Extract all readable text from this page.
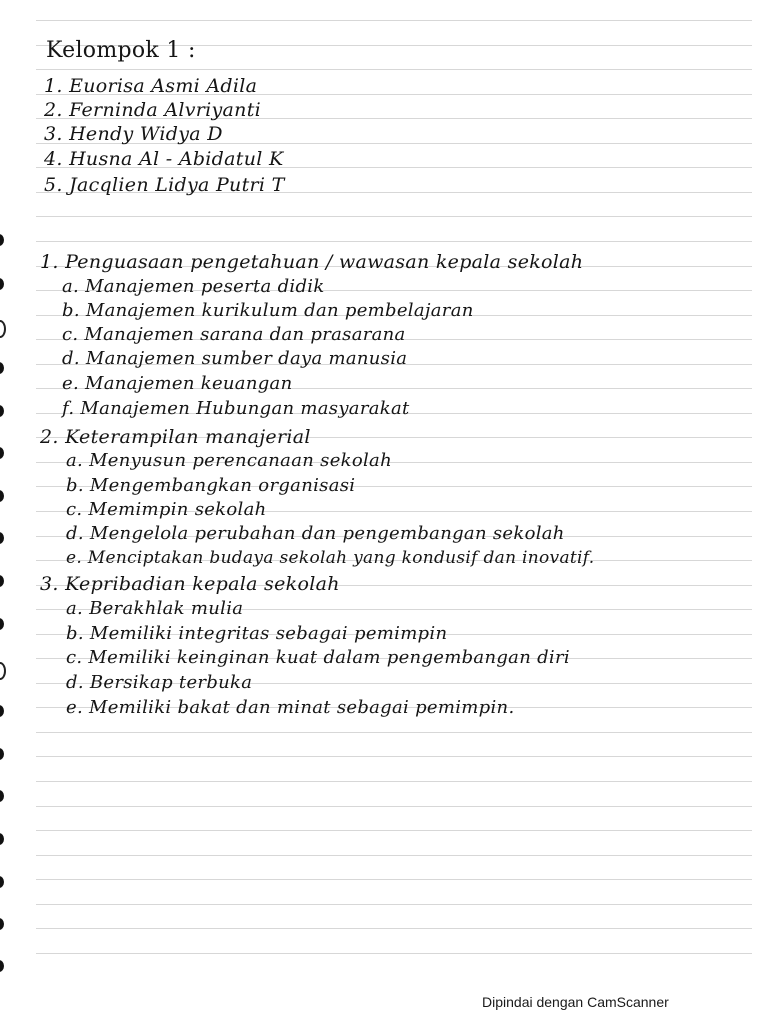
Kelompok 1 :
1. Euorisa Asmi Adila
2. Ferninda Alvriyanti
3. Hendy Widya D
4. Husna Al - Abidatul K
5. Jacqlien Lidya Putri T
1. Penguasaan pengetahuan / wawasan kepala sekolah
a. Manajemen peserta didik
b. Manajemen kurikulum dan pembelajaran
c. Manajemen sarana dan prasarana
d. Manajemen sumber daya manusia
e. Manajemen keuangan
f. Manajemen Hubungan masyarakat
2. Keterampilan manajerial
a. Menyusun perencanaan sekolah
b. Mengembangkan organisasi
c. Memimpin sekolah
d. Mengelola perubahan dan pengembangan sekolah
e. Menciptakan budaya sekolah yang kondusif dan inovatif.
3. Kepribadian kepala sekolah
a. Berakhlak mulia
b. Memiliki integritas sebagai pemimpin
c. Memiliki keinginan kuat dalam pengembangan diri
d. Bersikap terbuka
e. Memiliki bakat dan minat sebagai pemimpin.
Dipindai dengan CamScanner
